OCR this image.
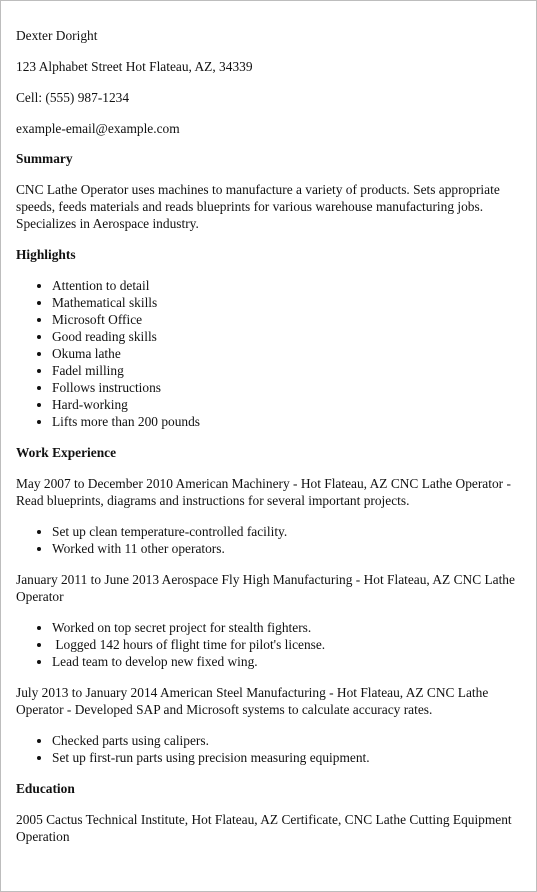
Dexter Doright

123 Alphabet Street Hot Flateau, AZ, 34339

Cell: (555) 987-1234

example-email@example.com

Summary

CNC Lathe Operator uses machines to manufacture a variety of products. Sets appropriate speeds, feeds materials and reads blueprints for various warehouse manufacturing jobs. Specializes in Aerospace industry.

Highlights
• Attention to detail
• Mathematical skills
• Microsoft Office
• Good reading skills
• Okuma lathe
• Fadel milling
• Follows instructions
• Hard-working
• Lifts more than 200 pounds
Work Experience

May 2007 to December 2010 American Machinery - Hot Flateau, AZ CNC Lathe Operator - Read blueprints, diagrams and instructions for several important projects.

• Set up clean temperature-controlled facility.
• Worked with 11 other operators.

January 2011 to June 2013 Aerospace Fly High Manufacturing - Hot Flateau, AZ CNC Lathe Operator

• Worked on top secret project for stealth fighters.
•  Logged 142 hours of flight time for pilot's license.
• Lead team to develop new fixed wing.

July 2013 to January 2014 American Steel Manufacturing - Hot Flateau, AZ CNC Lathe Operator - Developed SAP and Microsoft systems to calculate accuracy rates.

• Checked parts using calipers.
• Set up first-run parts using precision measuring equipment.
Education

2005 Cactus Technical Institute, Hot Flateau, AZ Certificate, CNC Lathe Cutting Equipment Operation
